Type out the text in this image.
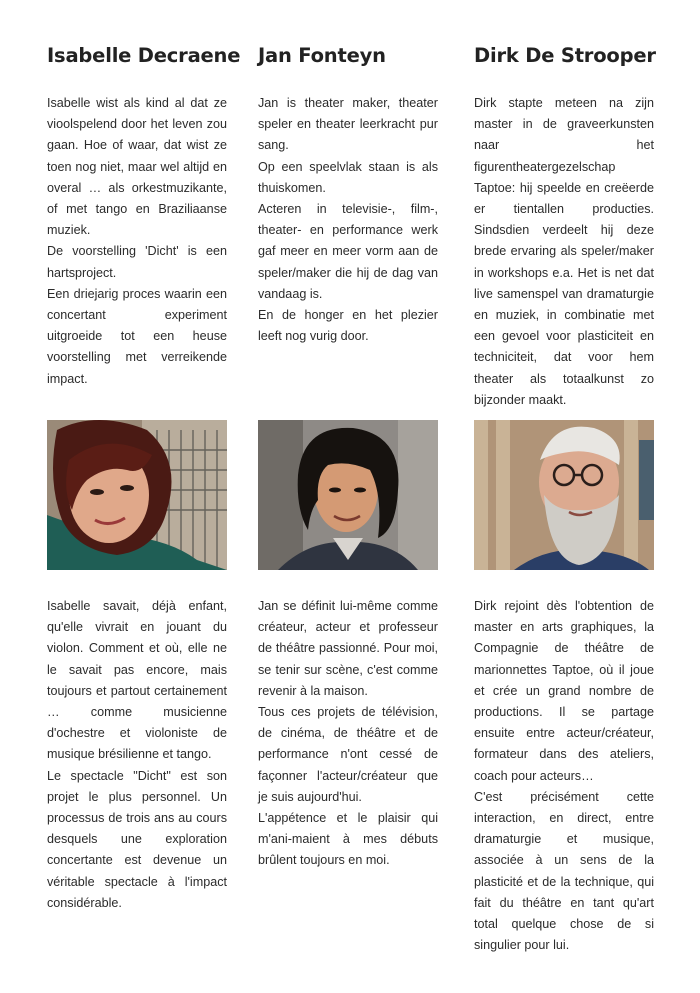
Isabelle Decraene

Isabelle wist als kind al dat ze vioolspelend door het leven zou gaan. Hoe of waar, dat wist ze toen nog niet, maar wel altijd en overal … als orkestmuzikante, of met tango en Braziliaanse muziek.

De voorstelling 'Dicht' is een hartsproject.

Een driejarig proces waarin een concertant experiment uitgroeide tot een heuse voorstelling met verreikende impact.

Isabelle savait, déjà enfant, qu'elle vivrait en jouant du violon. Comment et où, elle ne le savait pas encore, mais toujours et partout certainement … comme musicienne d'ochestre et violoniste de musique brésilienne et tango.

Le spectacle "Dicht" est son projet le plus personnel. Un processus de trois ans au cours desquels une exploration concertante est devenue un véritable spectacle à l'impact considérable.

Jan Fonteyn

Jan is theater maker, theater speler en theater leerkracht pur sang.

Op een speelvlak staan is als thuiskomen.

Acteren in televisie-, film-, theater- en performance werk gaf meer en meer vorm aan de speler/maker die hij de dag van vandaag is.

En de honger en het plezier leeft nog vurig door.

Jan se définit lui-même comme créateur, acteur et professeur de théâtre passionné. Pour moi, se tenir sur scène, c'est comme revenir à la maison.

Tous ces projets de télévision, de cinéma, de théâtre et de performance n'ont cessé de façonner l'acteur/créateur que je suis aujourd'hui.

L'appétence et le plaisir qui m'ani-maient à mes débuts brûlent toujours en moi.

Dirk De Strooper

Dirk stapte meteen na zijn master in de graveerkunsten naar het figurentheatergezelschap Taptoe: hij speelde en creëerde er tientallen producties. Sindsdien verdeelt hij deze brede ervaring als speler/maker in workshops e.a. Het is net dat live samenspel van dramaturgie en muziek, in combinatie met een gevoel voor plasticiteit en techniciteit, dat voor hem theater als totaalkunst zo bijzonder maakt.

Dirk rejoint dès l'obtention de master en arts graphiques, la Compagnie de théâtre de marionnettes Taptoe, où il joue et crée un grand nombre de productions. Il se partage ensuite entre acteur/créateur, formateur dans des ateliers, coach pour acteurs…

C'est précisément cette interaction, en direct, entre dramaturgie et musique, associée à un sens de la plasticité et de la technique, qui fait du théâtre en tant qu'art total quelque chose de si singulier pour lui.
